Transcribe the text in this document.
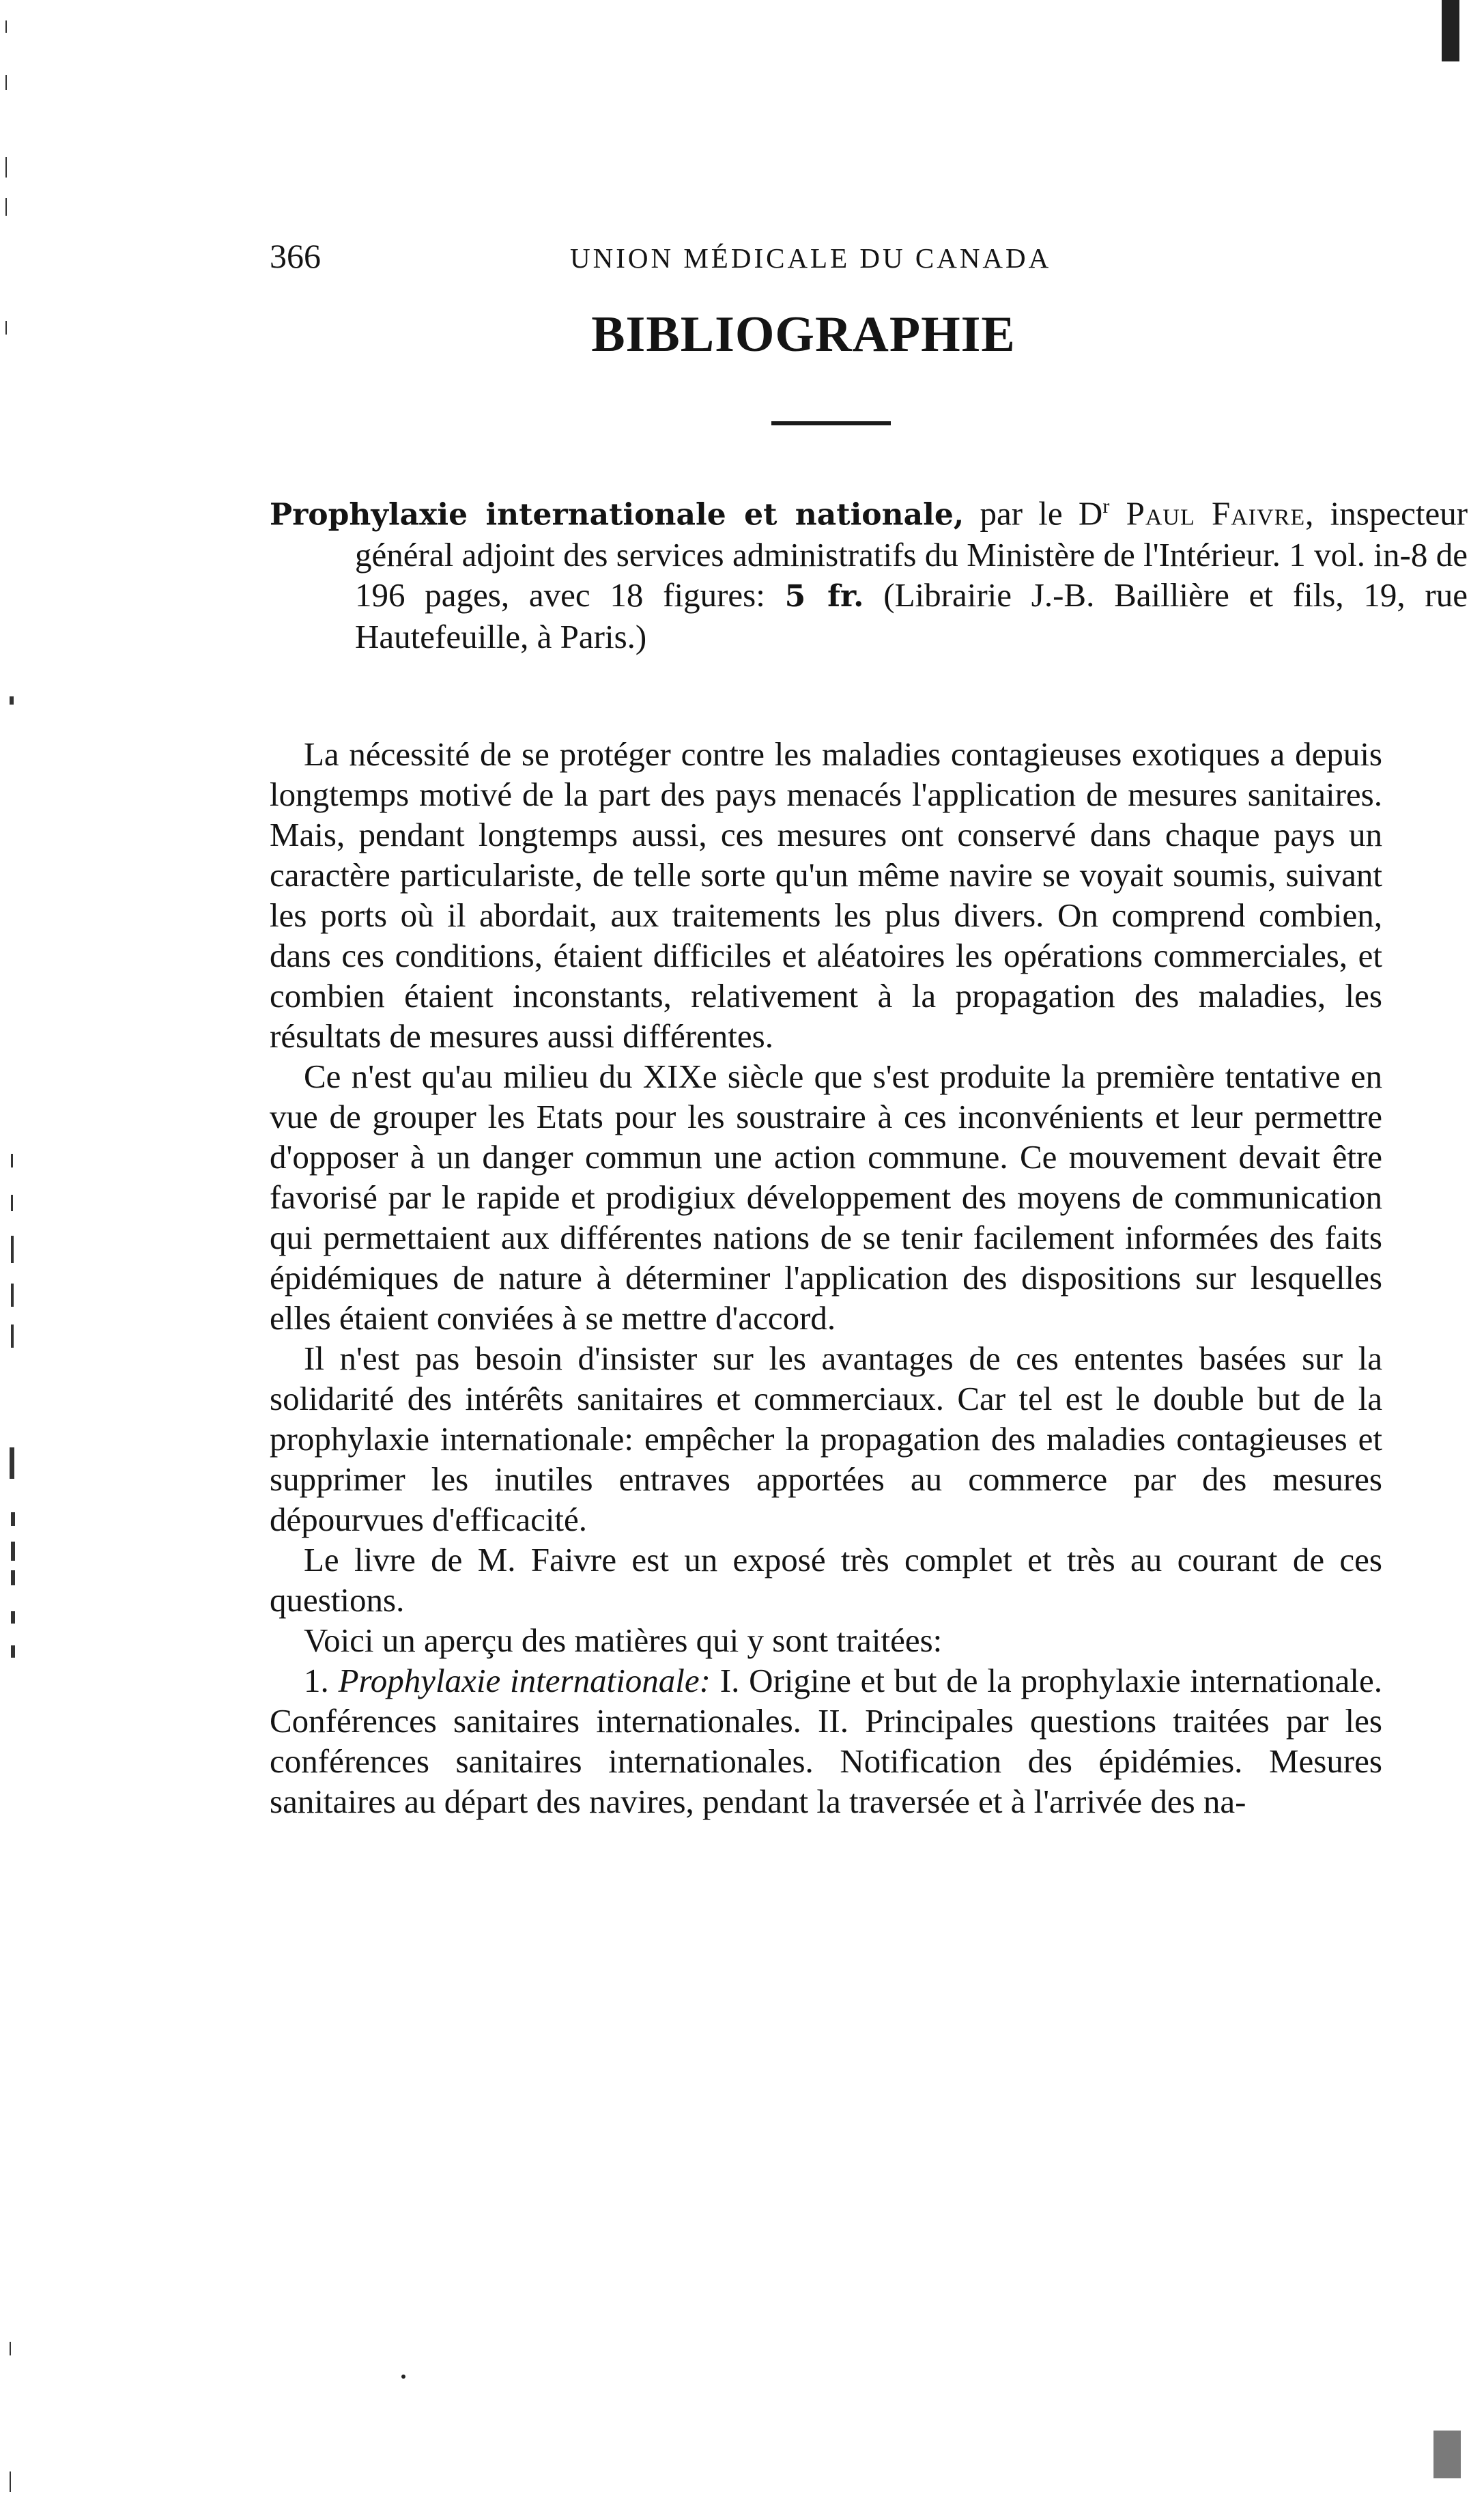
366	UNION MÉDICALE DU CANADA
BIBLIOGRAPHIE
Prophylaxie internationale et nationale, par le $D^r$ Paul Faivre, inspecteur général adjoint des services administratifs du Ministère de l'Intérieur. 1 vol. in-8 de 196 pages, avec 18 figures: 5 fr. (Librairie J.-B. Baillière et fils, 19, rue Hautefeuille, à Paris.)

La nécessité de se protéger contre les maladies contagieuses exotiques a depuis longtemps motivé de la part des pays menacés l'application de mesures sanitaires. Mais, pendant longtemps aussi, ces mesures ont conservé dans chaque pays un caractère particulariste, de telle sorte qu'un même navire se voyait soumis, suivant les ports où il abordait, aux traitements les plus divers. On comprend combien, dans ces conditions, étaient difficiles et aléatoires les opérations commerciales, et combien étaient inconstants, relativement à la propagation des maladies, les résultats de mesures aussi différentes.

Ce n'est qu'au milieu du XIXe siècle que s'est produite la première tentative en vue de grouper les Etats pour les soustraire à ces inconvénients et leur permettre d'opposer à un danger commun une action commune. Ce mouvement devait être favorisé par le rapide et prodigiux développement des moyens de communication qui permettaient aux différentes nations de se tenir facilement informées des faits épidémiques de nature à déterminer l'application des dispositions sur lesquelles elles étaient conviées à se mettre d'accord.

Il n'est pas besoin d'insister sur les avantages de ces ententes basées sur la solidarité des intérêts sanitaires et commerciaux. Car tel est le double but de la prophylaxie internationale: empêcher la propagation des maladies contagieuses et supprimer les inutiles entraves apportées au commerce par des mesures dépourvues d'efficacité.

Le livre de M. Faivre est un exposé très complet et très au courant de ces questions.

Voici un aperçu des matières qui y sont traitées:

1. Prophylaxie internationale: I. Origine et but de la prophylaxie internationale. Conférences sanitaires internationales. II. Principales questions traitées par les conférences sanitaires internationales. Notification des épidémies. Mesures sanitaires au départ des navires, pendant la traversée et à l'arrivée des na-
